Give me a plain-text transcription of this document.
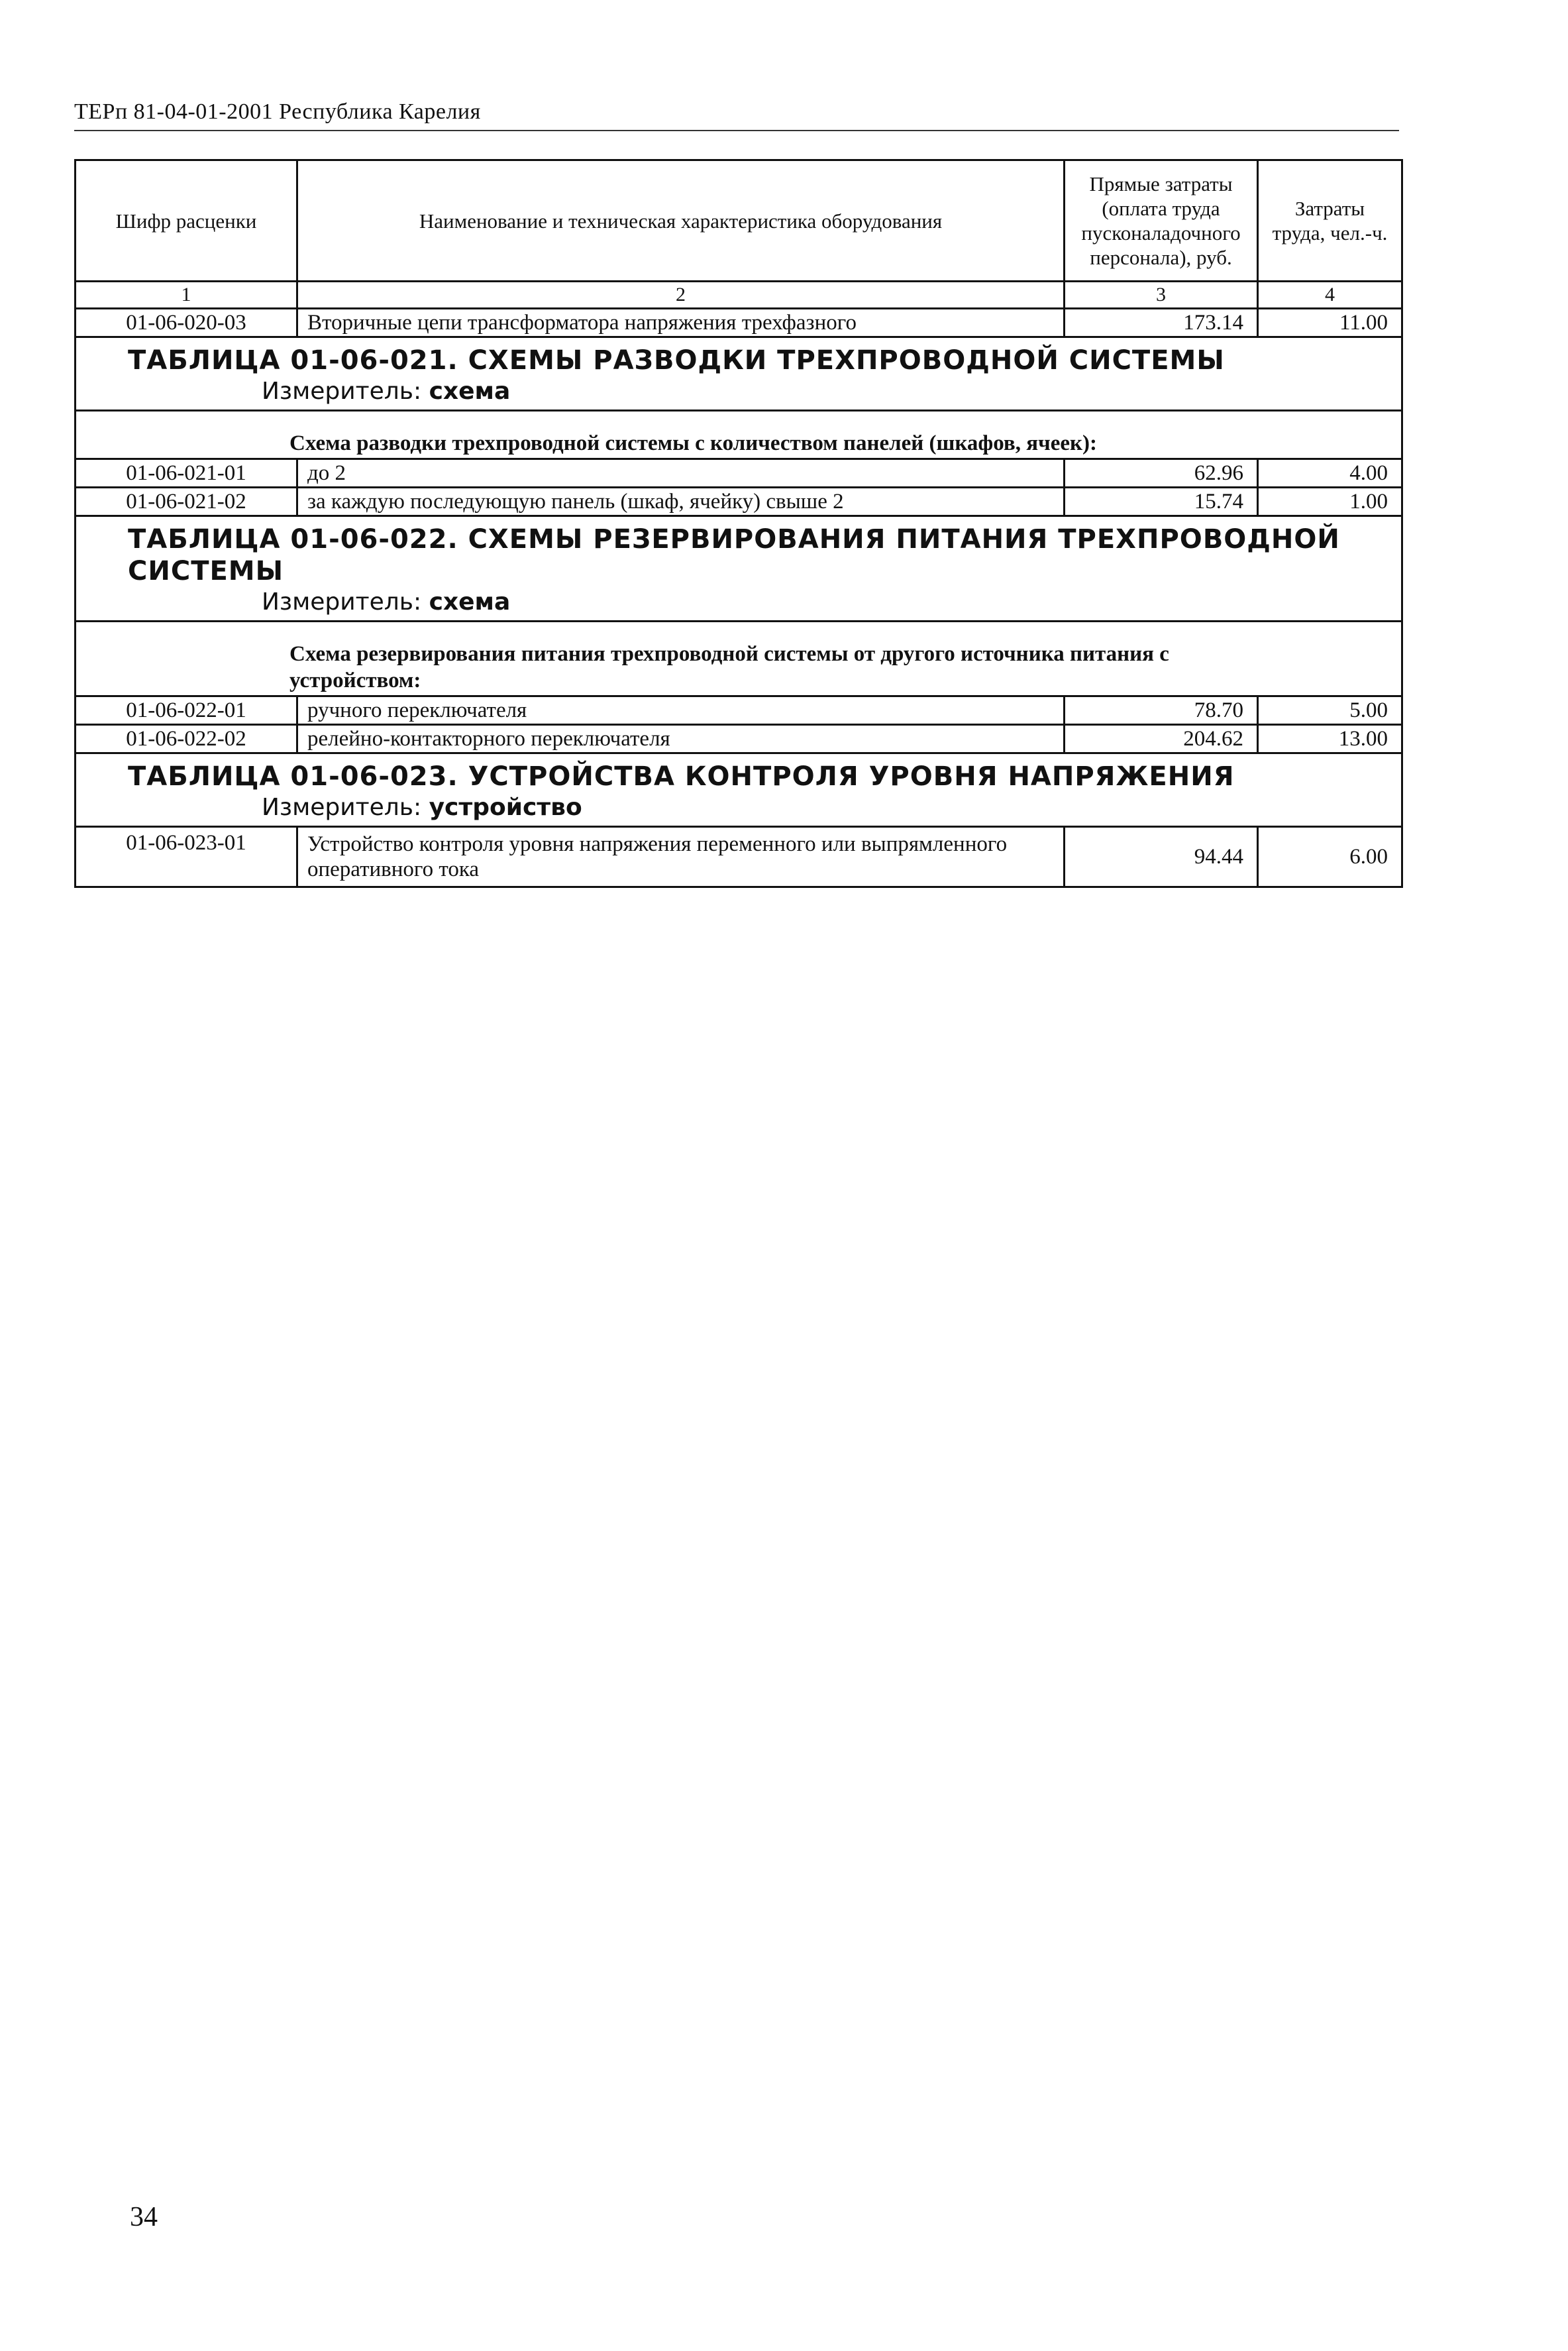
ТЕРп 81-04-01-2001 Республика Карелия
Шифр расценки	Наименование и техническая характеристика оборудования	Прямые затраты (оплата труда пусконаладочного персонала), руб.	Затраты труда, чел.-ч.
1	2	3	4
01-06-020-03	Вторичные цепи трансформатора напряжения трехфазного	173.14	11.00

ТАБЛИЦА 01-06-021. СХЕМЫ РАЗВОДКИ ТРЕХПРОВОДНОЙ СИСТЕМЫ
Измеритель: схема			

Схема разводки трехпроводной системы с количеством панелей (шкафов, ячеек):			
01-06-021-01	до 2	62.96	4.00
01-06-021-02	за каждую последующую панель (шкаф, ячейку) свыше 2	15.74	1.00

ТАБЛИЦА 01-06-022. СХЕМЫ РЕЗЕРВИРОВАНИЯ ПИТАНИЯ ТРЕХПРОВОДНОЙ СИСТЕМЫ
Измеритель: схема			

Схема резервирования питания трехпроводной системы от другого источника питания с устройством:			
01-06-022-01	ручного переключателя	78.70	5.00
01-06-022-02	релейно-контакторного переключателя	204.62	13.00

ТАБЛИЦА 01-06-023. УСТРОЙСТВА КОНТРОЛЯ УРОВНЯ НАПРЯЖЕНИЯ
Измеритель: устройство			

01-06-023-01	Устройство контроля уровня напряжения переменного или выпрямленного оперативного тока	94.44	6.00
34
